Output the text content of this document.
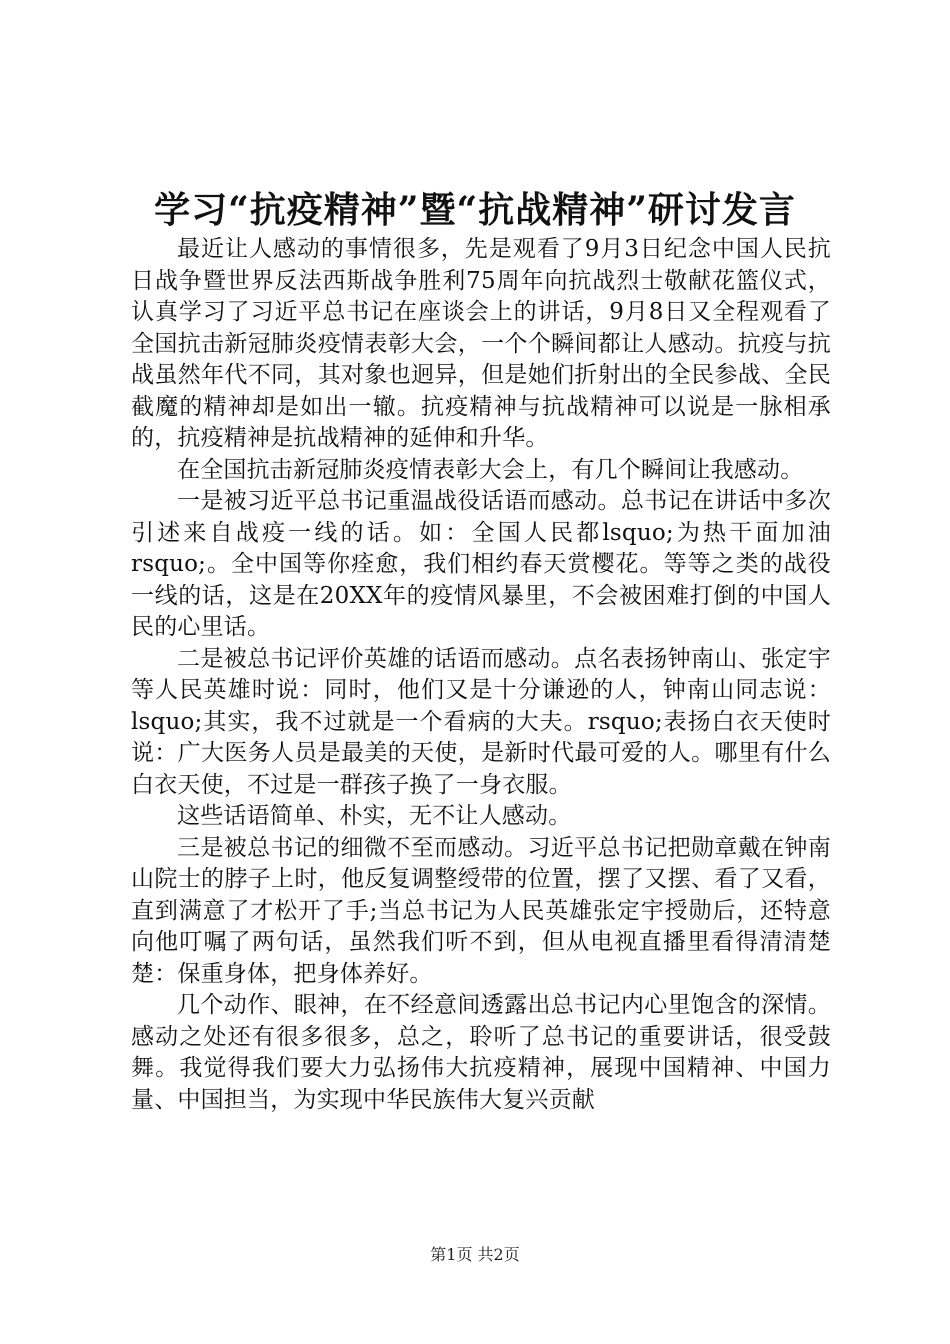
学习“抗疫精神”暨“抗战精神”研讨发言

最近让人感动的事情很多，先是观看了9月3日纪念中国人民抗日战争暨世界反法西斯战争胜利75周年向抗战烈士敬献花篮仪式，认真学习了习近平总书记在座谈会上的讲话，9月8日又全程观看了全国抗击新冠肺炎疫情表彰大会，一个个瞬间都让人感动。抗疫与抗战虽然年代不同，其对象也迥异，但是她们折射出的全民参战、全民截魔的精神却是如出一辙。抗疫精神与抗战精神可以说是一脉相承的，抗疫精神是抗战精神的延伸和升华。

在全国抗击新冠肺炎疫情表彰大会上，有几个瞬间让我感动。

一是被习近平总书记重温战役话语而感动。总书记在讲话中多次引述来自战疫一线的话。如：全国人民都lsquo;为热干面加油rsquo;。全中国等你痊愈，我们相约春天赏樱花。等等之类的战役一线的话，这是在20XX年的疫情风暴里，不会被困难打倒的中国人民的心里话。

二是被总书记评价英雄的话语而感动。点名表扬钟南山、张定宇等人民英雄时说：同时，他们又是十分谦逊的人，钟南山同志说：lsquo;其实，我不过就是一个看病的大夫。rsquo;表扬白衣天使时说：广大医务人员是最美的天使，是新时代最可爱的人。哪里有什么白衣天使，不过是一群孩子换了一身衣服。

这些话语简单、朴实，无不让人感动。

三是被总书记的细微不至而感动。习近平总书记把勋章戴在钟南山院士的脖子上时，他反复调整绶带的位置，摆了又摆、看了又看，直到满意了才松开了手;当总书记为人民英雄张定宇授勋后，还特意向他叮嘱了两句话，虽然我们听不到，但从电视直播里看得清清楚楚：保重身体，把身体养好。

几个动作、眼神，在不经意间透露出总书记内心里饱含的深情。感动之处还有很多很多，总之，聆听了总书记的重要讲话，很受鼓舞。我觉得我们要大力弘扬伟大抗疫精神，展现中国精神、中国力量、中国担当，为实现中华民族伟大复兴贡献

第1页 共2页
